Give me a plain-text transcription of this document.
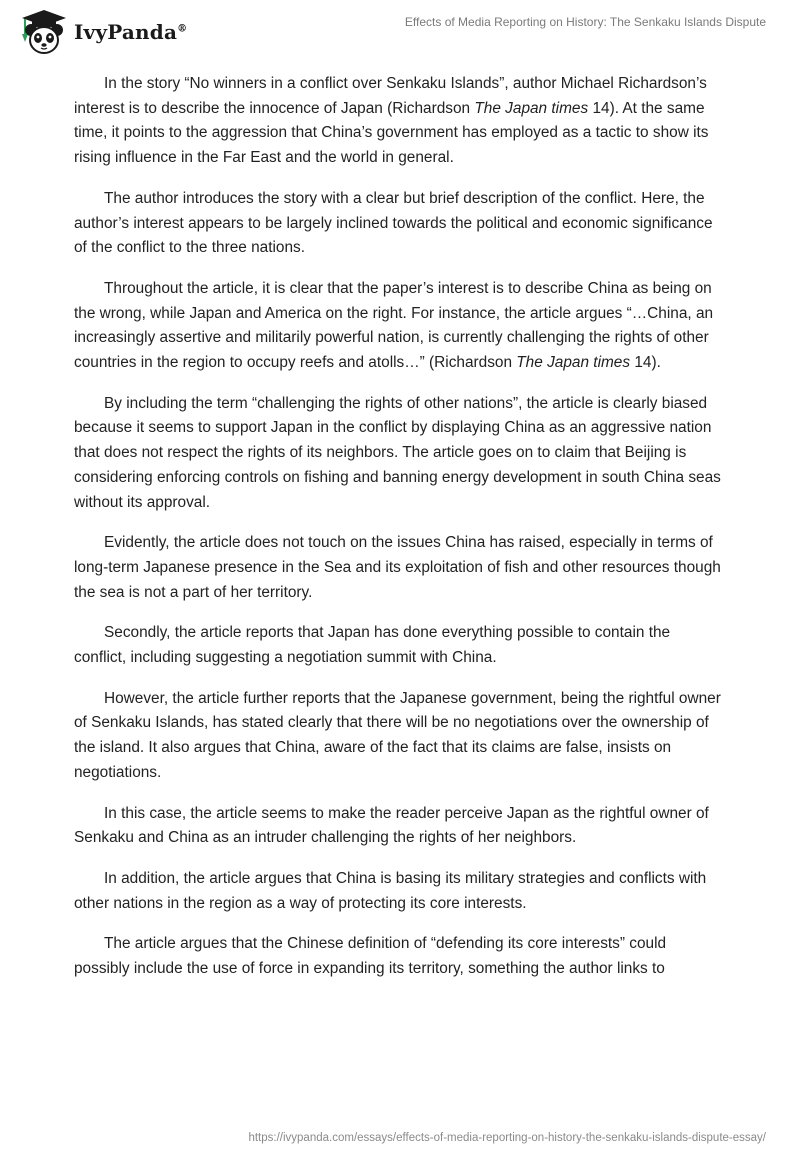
IvyPanda®	Effects of Media Reporting on History: The Senkaku Islands Dispute

In the story “No winners in a conflict over Senkaku Islands”, author Michael Richardson’s interest is to describe the innocence of Japan (Richardson The Japan times 14). At the same time, it points to the aggression that China’s government has employed as a tactic to show its rising influence in the Far East and the world in general.

The author introduces the story with a clear but brief description of the conflict. Here, the author’s interest appears to be largely inclined towards the political and economic significance of the conflict to the three nations.

Throughout the article, it is clear that the paper’s interest is to describe China as being on the wrong, while Japan and America on the right. For instance, the article argues “…China, an increasingly assertive and militarily powerful nation, is currently challenging the rights of other countries in the region to occupy reefs and atolls…” (Richardson The Japan times 14).

By including the term “challenging the rights of other nations”, the article is clearly biased because it seems to support Japan in the conflict by displaying China as an aggressive nation that does not respect the rights of its neighbors. The article goes on to claim that Beijing is considering enforcing controls on fishing and banning energy development in south China seas without its approval.

Evidently, the article does not touch on the issues China has raised, especially in terms of long-term Japanese presence in the Sea and its exploitation of fish and other resources though the sea is not a part of her territory.

Secondly, the article reports that Japan has done everything possible to contain the conflict, including suggesting a negotiation summit with China.

However, the article further reports that the Japanese government, being the rightful owner of Senkaku Islands, has stated clearly that there will be no negotiations over the ownership of the island. It also argues that China, aware of the fact that its claims are false, insists on negotiations.

In this case, the article seems to make the reader perceive Japan as the rightful owner of Senkaku and China as an intruder challenging the rights of her neighbors.

In addition, the article argues that China is basing its military strategies and conflicts with other nations in the region as a way of protecting its core interests.

The article argues that the Chinese definition of “defending its core interests” could possibly include the use of force in expanding its territory, something the author links to

https://ivypanda.com/essays/effects-of-media-reporting-on-history-the-senkaku-islands-dispute-essay/
